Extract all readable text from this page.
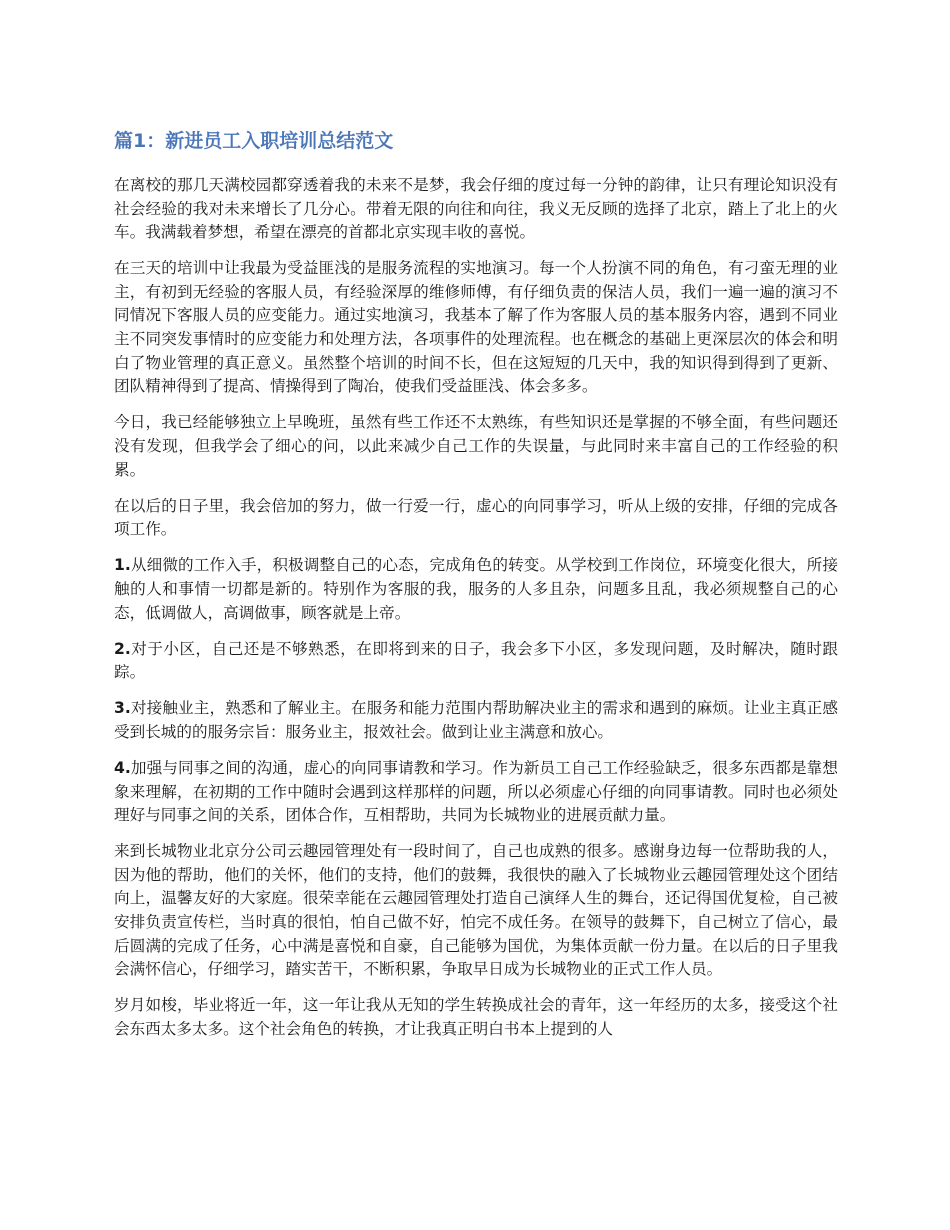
篇1：新进员工入职培训总结范文

在离校的那几天满校园都穿透着我的未来不是梦，我会仔细的度过每一分钟的韵律，让只有理论知识没有社会经验的我对未来增长了几分心。带着无限的向往和向往，我义无反顾的选择了北京，踏上了北上的火车。我满载着梦想，希望在漂亮的首都北京实现丰收的喜悦。

在三天的培训中让我最为受益匪浅的是服务流程的实地演习。每一个人扮演不同的角色，有刁蛮无理的业主，有初到无经验的客服人员，有经验深厚的维修师傅，有仔细负责的保洁人员，我们一遍一遍的演习不同情况下客服人员的应变能力。通过实地演习，我基本了解了作为客服人员的基本服务内容，遇到不同业主不同突发事情时的应变能力和处理方法，各项事件的处理流程。也在概念的基础上更深层次的体会和明白了物业管理的真正意义。虽然整个培训的时间不长，但在这短短的几天中，我的知识得到得到了更新、团队精神得到了提高、情操得到了陶冶，使我们受益匪浅、体会多多。

今日，我已经能够独立上早晚班，虽然有些工作还不太熟练，有些知识还是掌握的不够全面，有些问题还没有发现，但我学会了细心的问，以此来减少自己工作的失误量，与此同时来丰富自己的工作经验的积累。

在以后的日子里，我会倍加的努力，做一行爱一行，虚心的向同事学习，听从上级的安排，仔细的完成各项工作。

1.从细微的工作入手，积极调整自己的心态，完成角色的转变。从学校到工作岗位，环境变化很大，所接触的人和事情一切都是新的。特别作为客服的我，服务的人多且杂，问题多且乱，我必须规整自己的心态，低调做人，高调做事，顾客就是上帝。

2.对于小区，自己还是不够熟悉，在即将到来的日子，我会多下小区，多发现问题，及时解决，随时跟踪。

3.对接触业主，熟悉和了解业主。在服务和能力范围内帮助解决业主的需求和遇到的麻烦。让业主真正感受到长城的的服务宗旨：服务业主，报效社会。做到让业主满意和放心。

4.加强与同事之间的沟通，虚心的向同事请教和学习。作为新员工自己工作经验缺乏，很多东西都是靠想象来理解，在初期的工作中随时会遇到这样那样的问题，所以必须虚心仔细的向同事请教。同时也必须处理好与同事之间的关系，团体合作，互相帮助，共同为长城物业的进展贡献力量。

来到长城物业北京分公司云趣园管理处有一段时间了，自己也成熟的很多。感谢身边每一位帮助我的人，因为他的帮助，他们的关怀，他们的支持，他们的鼓舞，我很快的融入了长城物业云趣园管理处这个团结向上，温馨友好的大家庭。很荣幸能在云趣园管理处打造自己演绎人生的舞台，还记得国优复检，自己被安排负责宣传栏，当时真的很怕，怕自己做不好，怕完不成任务。在领导的鼓舞下，自己树立了信心，最后圆满的完成了任务，心中满是喜悦和自豪，自己能够为国优，为集体贡献一份力量。在以后的日子里我会满怀信心，仔细学习，踏实苦干，不断积累，争取早日成为长城物业的正式工作人员。

岁月如梭，毕业将近一年，这一年让我从无知的学生转换成社会的青年，这一年经历的太多，接受这个社会东西太多太多。这个社会角色的转换，才让我真正明白书本上提到的人
